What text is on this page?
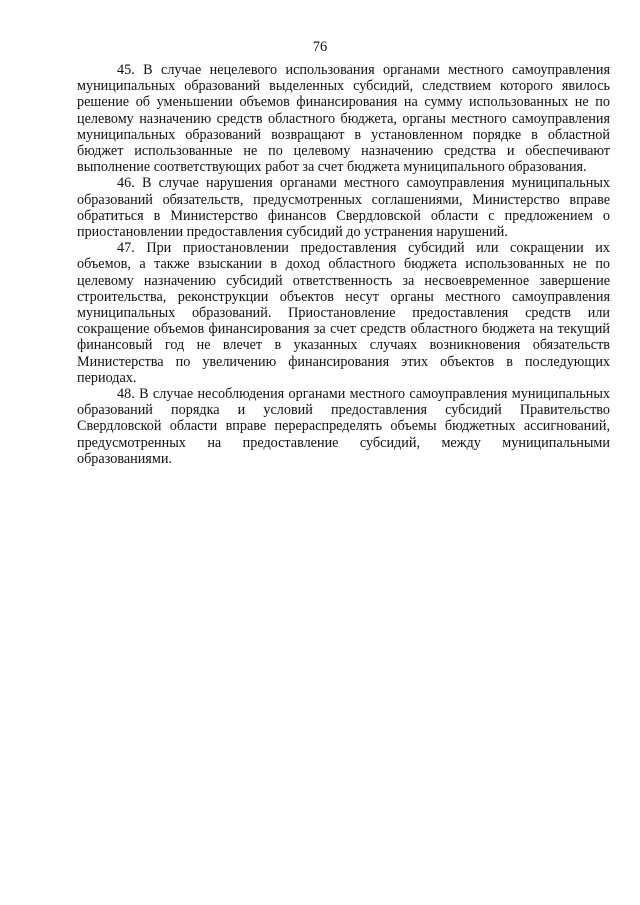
76

45. В случае нецелевого использования органами местного самоуправления муниципальных образований выделенных субсидий, следствием которого явилось решение об уменьшении объемов финансирования на сумму использованных не по целевому назначению средств областного бюджета, органы местного самоуправления муниципальных образований возвращают в установленном порядке в областной бюджет использованные не по целевому назначению средства и обеспечивают выполнение соответствующих работ за счет бюджета муниципального образования.

46. В случае нарушения органами местного самоуправления муниципальных образований обязательств, предусмотренных соглашениями, Министерство вправе обратиться в Министерство финансов Свердловской области с предложением о приостановлении предоставления субсидий до устранения нарушений.

47. При приостановлении предоставления субсидий или сокращении их объемов, а также взыскании в доход областного бюджета использованных не по целевому назначению субсидий ответственность за несвоевременное завершение строительства, реконструкции объектов несут органы местного самоуправления муниципальных образований. Приостановление предоставления средств или сокращение объемов финансирования за счет средств областного бюджета на текущий финансовый год не влечет в указанных случаях возникновения обязательств Министерства по увеличению финансирования этих объектов в последующих периодах.

48. В случае несоблюдения органами местного самоуправления муниципальных образований порядка и условий предоставления субсидий Правительство Свердловской области вправе перераспределять объемы бюджетных ассигнований, предусмотренных на предоставление субсидий, между муниципальными образованиями.
